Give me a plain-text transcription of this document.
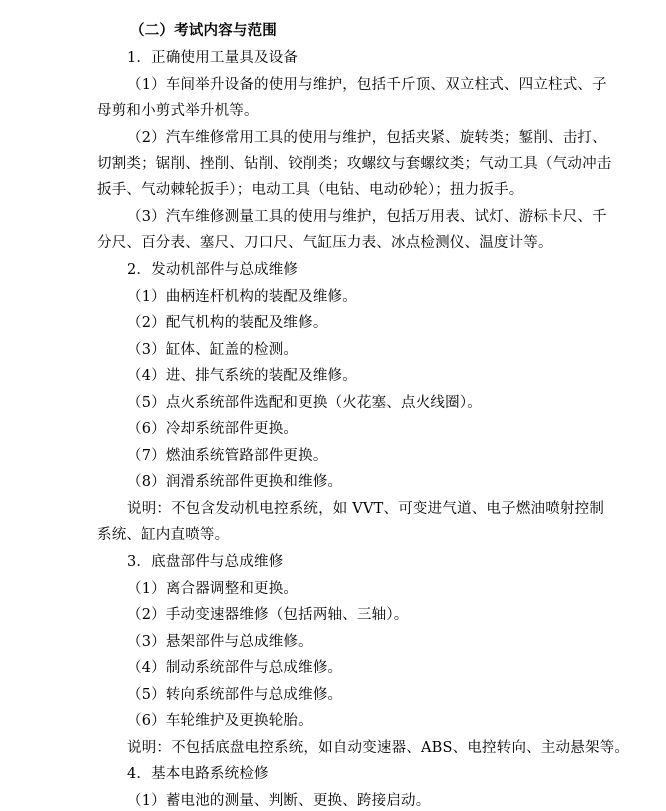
（二）考试内容与范围
1．正确使用工量具及设备
（1）车间举升设备的使用与维护，包括千斤顶、双立柱式、四立柱式、子
母剪和小剪式举升机等。
（2）汽车维修常用工具的使用与维护，包括夹紧、旋转类；錾削、击打、
切割类；锯削、挫削、钻削、铰削类；攻螺纹与套螺纹类；气动工具（气动冲击
扳手、气动棘轮扳手）；电动工具（电钻、电动砂轮）；扭力扳手。
（3）汽车维修测量工具的使用与维护，包括万用表、试灯、游标卡尺、千
分尺、百分表、塞尺、刀口尺、气缸压力表、冰点检测仪、温度计等。
2．发动机部件与总成维修
（1）曲柄连杆机构的装配及维修。
（2）配气机构的装配及维修。
（3）缸体、缸盖的检测。
（4）进、排气系统的装配及维修。
（5）点火系统部件选配和更换（火花塞、点火线圈）。
（6）冷却系统部件更换。
（7）燃油系统管路部件更换。
（8）润滑系统部件更换和维修。
说明：不包含发动机电控系统，如 VVT、可变进气道、电子燃油喷射控制
系统、缸内直喷等。
3．底盘部件与总成维修
（1）离合器调整和更换。
（2）手动变速器维修（包括两轴、三轴）。
（3）悬架部件与总成维修。
（4）制动系统部件与总成维修。
（5）转向系统部件与总成维修。
（6）车轮维护及更换轮胎。
说明：不包括底盘电控系统，如自动变速器、ABS、电控转向、主动悬架等。
4．基本电路系统检修
（1）蓄电池的测量、判断、更换、跨接启动。
